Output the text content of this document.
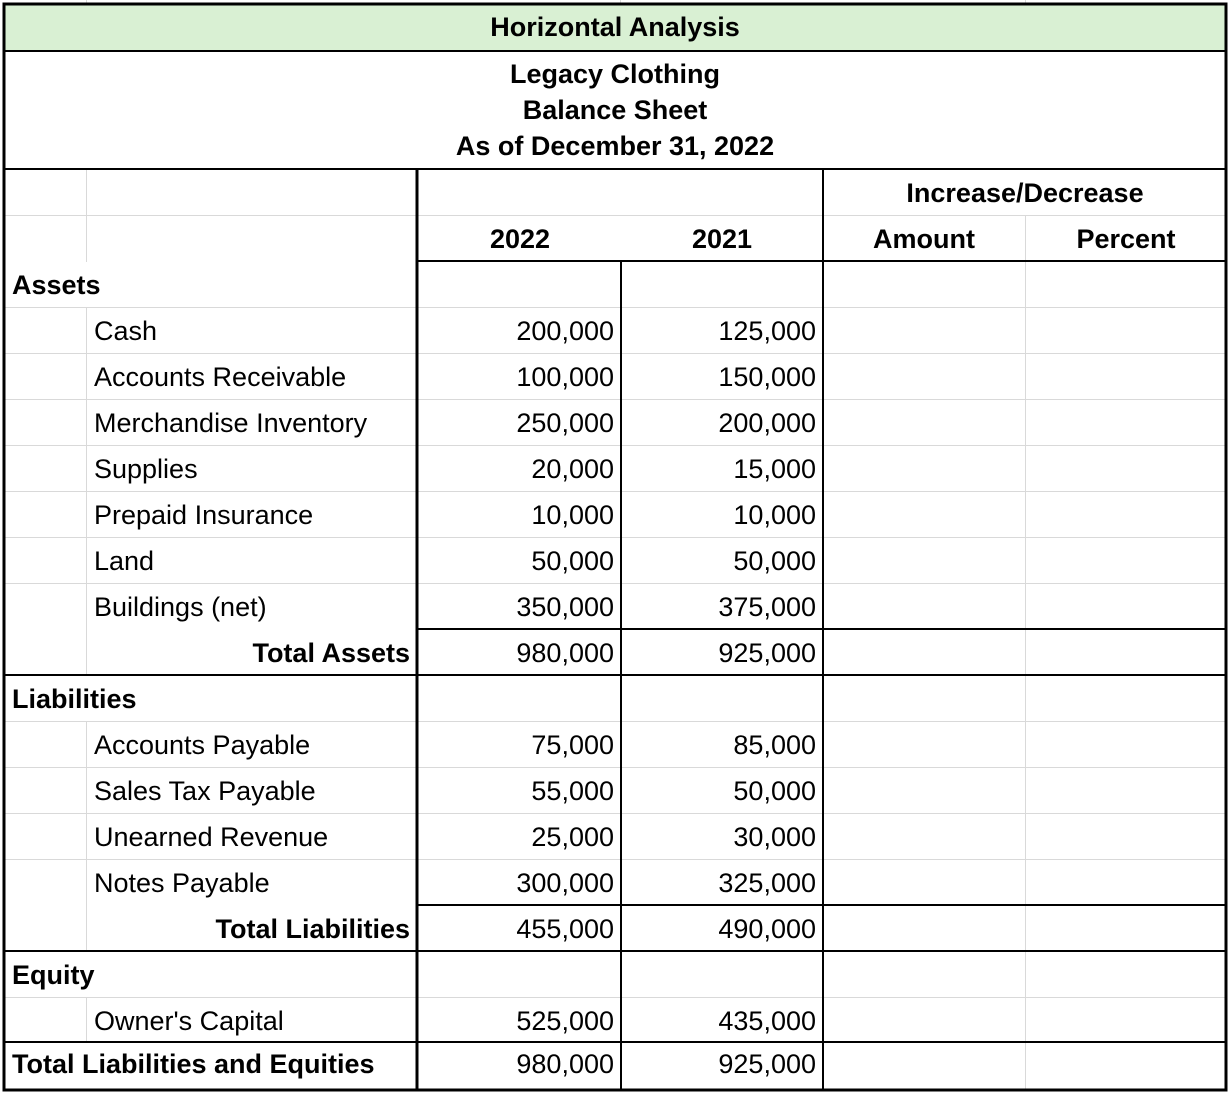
Horizontal Analysis
Legacy Clothing
Balance Sheet
As of December 31, 2022
Increase/Decrease
2022	2021	Amount	Percent
Assets
Cash	200,000	125,000
Accounts Receivable	100,000	150,000
Merchandise Inventory	250,000	200,000
Supplies	20,000	15,000
Prepaid Insurance	10,000	10,000
Land	50,000	50,000
Buildings (net)	350,000	375,000
Total Assets	980,000	925,000
Liabilities
Accounts Payable	75,000	85,000
Sales Tax Payable	55,000	50,000
Unearned Revenue	25,000	30,000
Notes Payable	300,000	325,000
Total Liabilities	455,000	490,000
Equity
Owner's Capital	525,000	435,000
Total Liabilities and Equities	980,000	925,000
